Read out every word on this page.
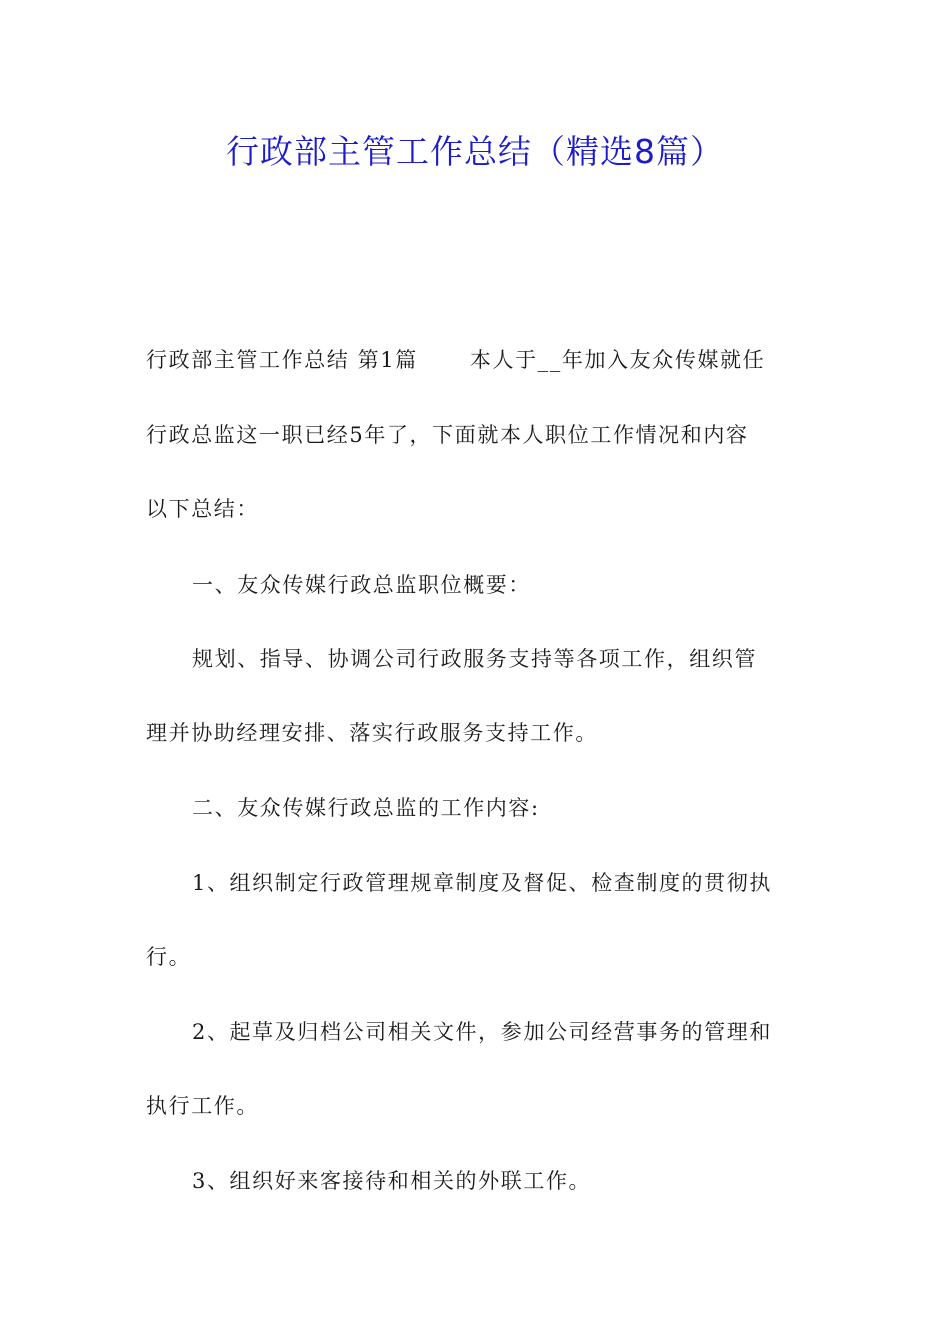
行政部主管工作总结（精选8篇）
行政部主管工作总结 第1篇 本人于__年加入友众传媒就任
行政总监这一职已经5年了，下面就本人职位工作情况和内容
以下总结：
一、友众传媒行政总监职位概要：
规划、指导、协调公司行政服务支持等各项工作，组织管
理并协助经理安排、落实行政服务支持工作。
二、友众传媒行政总监的工作内容:
1、组织制定行政管理规章制度及督促、检查制度的贯彻执
行。
2、起草及归档公司相关文件，参加公司经营事务的管理和
执行工作。
3、组织好来客接待和相关的外联工作。
